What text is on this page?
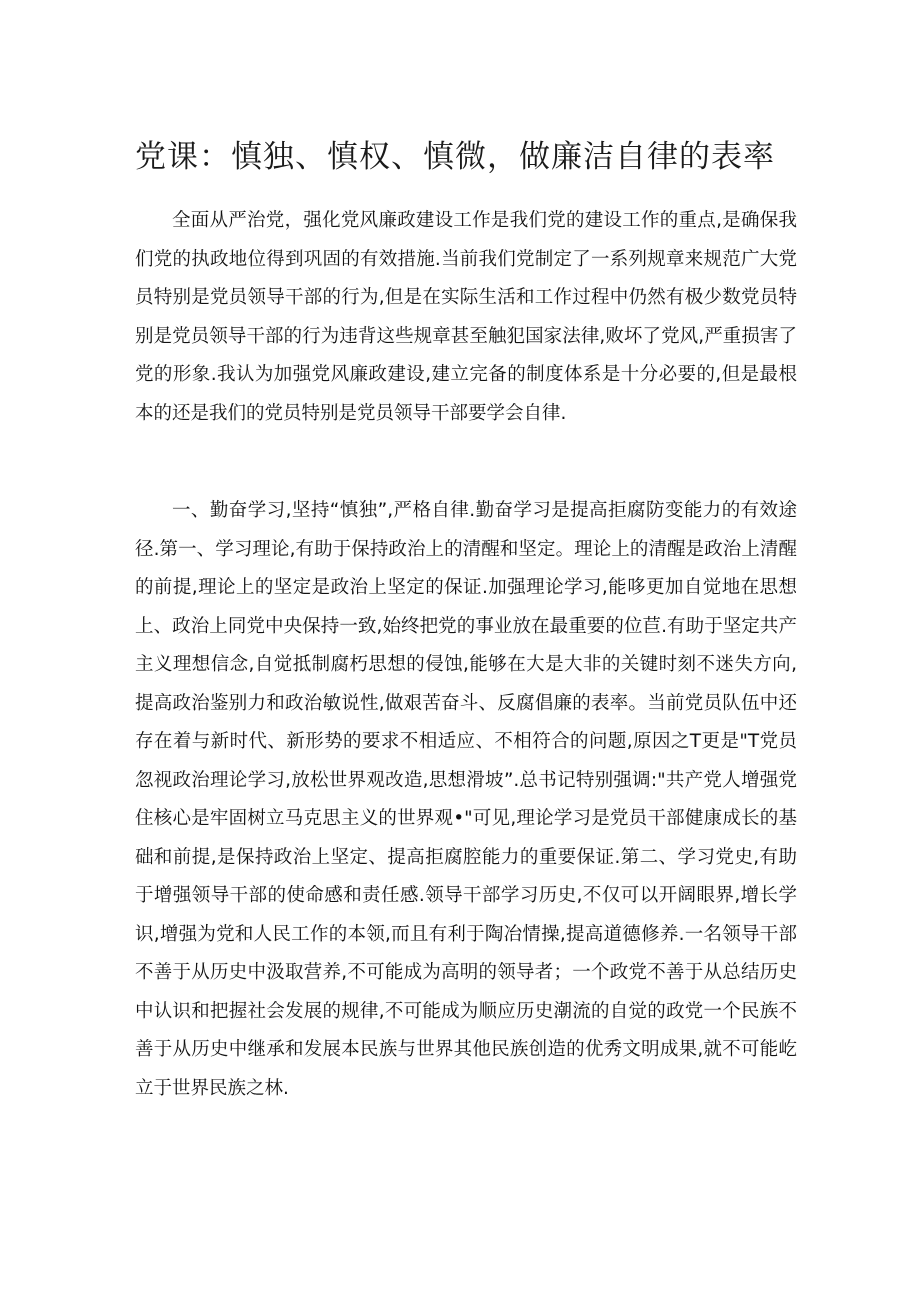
党课：慎独、慎权、慎微，做廉洁自律的表率

全面从严治党，强化党风廉政建设工作是我们党的建设工作的重点,是确保我们党的执政地位得到巩固的有效措施.当前我们党制定了一系列规章来规范广大党员特别是党员领导干部的行为,但是在实际生活和工作过程中仍然有极少数党员特别是党员领导干部的行为违背这些规章甚至触犯国家法律,败坏了党风,严重损害了党的形象.我认为加强党风廉政建设,建立完备的制度体系是十分必要的,但是最根本的还是我们的党员特别是党员领导干部要学会自律.

一、勤奋学习,坚持“慎独”,严格自律.勤奋学习是提高拒腐防变能力的有效途径.第一、学习理论,有助于保持政治上的清醒和坚定。理论上的清醒是政治上清醒的前提,理论上的坚定是政治上坚定的保证.加强理论学习,能哆更加自觉地在思想上、政治上同党中央保持一致,始终把党的事业放在最重要的位苣.有助于坚定共产主义理想信念,自觉抵制腐朽思想的侵蚀,能够在大是大非的关键时刻不迷失方向,提高政治鉴别力和政治敏说性,做艰苦奋斗、反腐倡廉的表率。当前党员队伍中还存在着与新时代、新形势的要求不相适应、不相符合的问题,原因之T更是"T党员忽视政治理论学习,放松世界观改造,思想滑坡”.总书记特别强调:"共产党人增强党住核心是牢固树立马克思主义的世界观•"可见,理论学习是党员干部健康成长的基础和前提,是保持政治上坚定、提高拒腐腔能力的重要保证.第二、学习党史,有助于增强领导干部的使命感和责任感.领导干部学习历史,不仅可以开阔眼界,增长学识,增强为党和人民工作的本领,而且有利于陶冶情操,提高道德修养.一名领导干部不善于从历史中汲取营养,不可能成为高明的领导者；一个政党不善于从总结历史中认识和把握社会发展的规律,不可能成为顺应历史潮流的自觉的政党一个民族不善于从历史中继承和发展本民族与世界其他民族创造的优秀文明成果,就不可能屹立于世界民族之林.
